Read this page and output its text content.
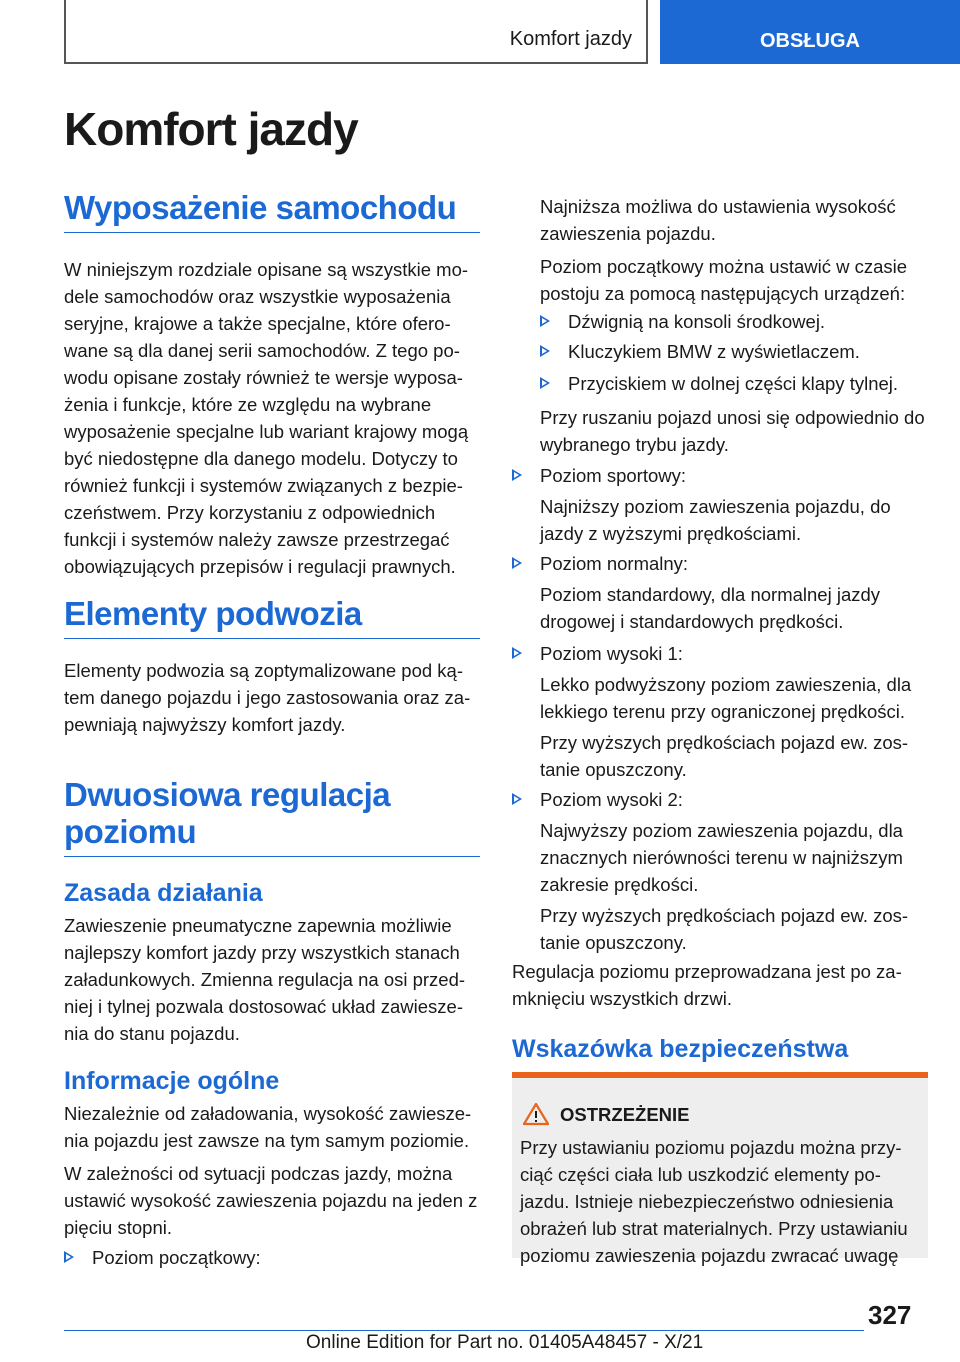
Komfort jazdy	OBSŁUGA
Komfort jazdy
Wyposażenie samochodu

W niniejszym rozdziale opisane są wszystkie mo-dele samochodów oraz wszystkie wyposażenia seryjne, krajowe a także specjalne, które ofero-wane są dla danej serii samochodów. Z tego po-wodu opisane zostały również te wersje wyposa-żenia i funkcje, które ze względu na wybrane wyposażenie specjalne lub wariant krajowy mogą być niedostępne dla danego modelu. Dotyczy to również funkcji i systemów związanych z bezpie-czeństwem. Przy korzystaniu z odpowiednich funkcji i systemów należy zawsze przestrzegać obowiązujących przepisów i regulacji prawnych.

Elementy podwozia

Elementy podwozia są zoptymalizowane pod ką-tem danego pojazdu i jego zastosowania oraz za-pewniają najwyższy komfort jazdy.

Dwuosiowa regulacja poziomu
Zasada działania

Zawieszenie pneumatyczne zapewnia możliwie najlepszy komfort jazdy przy wszystkich stanach załadunkowych. Zmienna regulacja na osi przed-niej i tylnej pozwala dostosować układ zawiesze-nia do stanu pojazdu.

Informacje ogólne

Niezależnie od załadowania, wysokość zawiesze-nia pojazdu jest zawsze na tym samym poziomie.

W zależności od sytuacji podczas jazdy, można ustawić wysokość zawieszenia pojazdu na jeden z pięciu stopni.

Poziom początkowy:

Najniższa możliwa do ustawienia wysokość zawieszenia pojazdu.

Poziom początkowy można ustawić w czasie postoju za pomocą następujących urządzeń:

Dźwignią na konsoli środkowej.

Kluczykiem BMW z wyświetlaczem.

Przyciskiem w dolnej części klapy tylnej.

Przy ruszaniu pojazd unosi się odpowiednio do wybranego trybu jazdy.

Poziom sportowy:

Najniższy poziom zawieszenia pojazdu, do jazdy z wyższymi prędkościami.

Poziom normalny:

Poziom standardowy, dla normalnej jazdy drogowej i standardowych prędkości.

Poziom wysoki 1:

Lekko podwyższony poziom zawieszenia, dla lekkiego terenu przy ograniczonej prędkości.

Przy wyższych prędkościach pojazd ew. zos-tanie opuszczony.

Poziom wysoki 2:

Najwyższy poziom zawieszenia pojazdu, dla znacznych nierówności terenu w najniższym zakresie prędkości.

Przy wyższych prędkościach pojazd ew. zos-tanie opuszczony.

Regulacja poziomu przeprowadzana jest po za-mknięciu wszystkich drzwi.

Wskazówka bezpieczeństwa
OSTRZEŻENIE

Przy ustawianiu poziomu pojazdu można przy-ciąć części ciała lub uszkodzić elementy po-jazdu. Istnieje niebezpieczeństwo odniesienia obrażeń lub strat materialnych. Przy ustawianiu poziomu zawieszenia pojazdu zwracać uwagę

327
Online Edition for Part no. 01405A48457 - X/21
